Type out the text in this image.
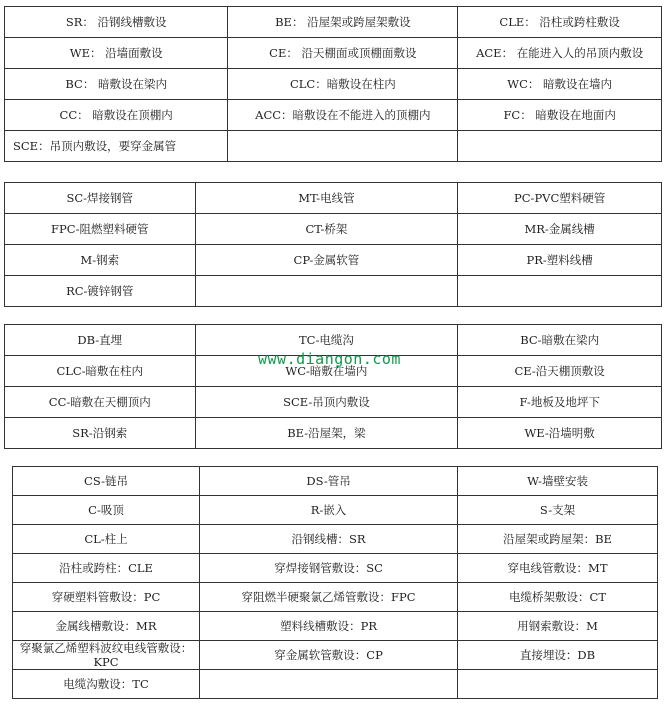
SR： 沿钢线槽敷设	BE： 沿屋架或跨屋架敷设	CLE： 沿柱或跨柱敷设
WE： 沿墙面敷设	CE： 沿天棚面或顶棚面敷设	ACE： 在能进入人的吊顶内敷设
BC： 暗敷设在梁内	CLC：暗敷设在柱内	WC： 暗敷设在墙内
CC： 暗敷设在顶棚内	ACC：暗敷设在不能进入的顶棚内	FC： 暗敷设在地面内
SCE：吊顶内敷设，要穿金属管		
SC-焊接钢管	MT-电线管	PC-PVC塑料硬管
FPC-阻燃塑料硬管	CT-桥架	MR-金属线槽
M-钢索	CP-金属软管	PR-塑料线槽
RC-镀锌钢管		
DB-直埋	TC-电缆沟	BC-暗敷在梁内
CLC-暗敷在柱内	WC-暗敷在墙内	CE-沿天棚顶敷设
CC-暗敷在天棚顶内	SCE-吊顶内敷设	F-地板及地坪下
SR-沿钢索	BE-沿屋架，梁	WE-沿墙明敷
CS-链吊	DS-管吊	W-墙壁安装
C-吸顶	R-嵌入	S-支架
CL-柱上	沿钢线槽：SR	沿屋架或跨屋架：BE
沿柱或跨柱：CLE	穿焊接钢管敷设：SC	穿电线管敷设：MT
穿硬塑料管敷设：PC	穿阻燃半硬聚氯乙烯管敷设：FPC	电缆桥架敷设：CT
金属线槽敷设：MR	塑料线槽敷设：PR	用钢索敷设：M
穿聚氯乙烯塑料波纹电线管敷设：KPC	穿金属软管敷设：CP	直接埋设：DB
电缆沟敷设：TC		
www.diangon.com
